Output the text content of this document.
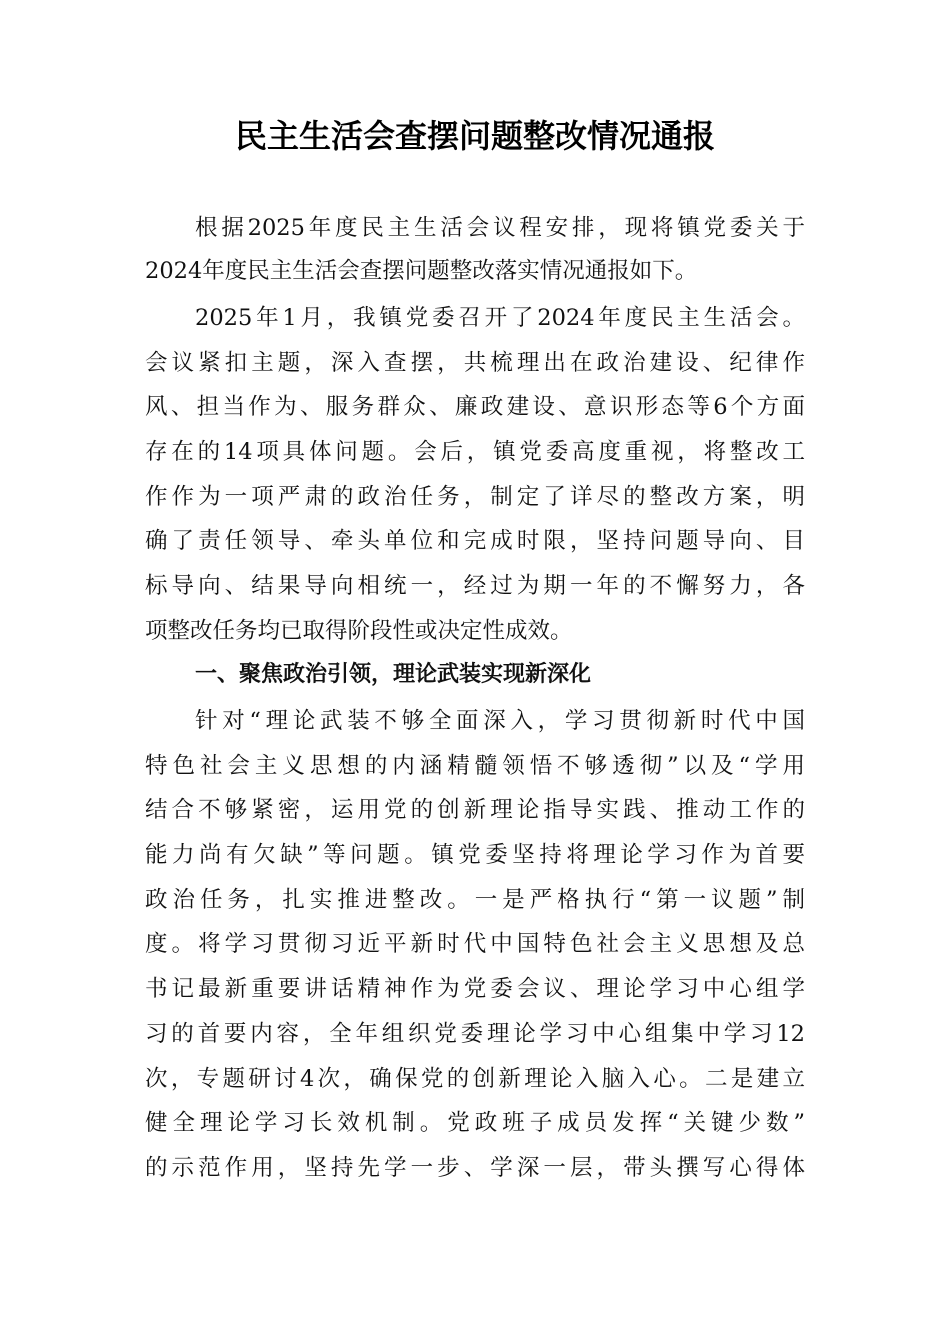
民主生活会查摆问题整改情况通报
根据2025年度民主生活会议程安排，现将镇党委关于
2024年度民主生活会查摆问题整改落实情况通报如下。
2025年1月，我镇党委召开了2024年度民主生活会。
会议紧扣主题，深入查摆，共梳理出在政治建设、纪律作
风、担当作为、服务群众、廉政建设、意识形态等6个方面
存在的14项具体问题。会后，镇党委高度重视，将整改工
作作为一项严肃的政治任务，制定了详尽的整改方案，明
确了责任领导、牵头单位和完成时限，坚持问题导向、目
标导向、结果导向相统一，经过为期一年的不懈努力，各
项整改任务均已取得阶段性或决定性成效。
一、聚焦政治引领，理论武装实现新深化
针对“理论武装不够全面深入，学习贯彻新时代中国
特色社会主义思想的内涵精髓领悟不够透彻”以及“学用
结合不够紧密，运用党的创新理论指导实践、推动工作的
能力尚有欠缺”等问题。镇党委坚持将理论学习作为首要
政治任务，扎实推进整改。一是严格执行“第一议题”制
度。将学习贯彻习近平新时代中国特色社会主义思想及总
书记最新重要讲话精神作为党委会议、理论学习中心组学
习的首要内容，全年组织党委理论学习中心组集中学习12
次，专题研讨4次，确保党的创新理论入脑入心。二是建立
健全理论学习长效机制。党政班子成员发挥“关键少数”
的示范作用，坚持先学一步、学深一层，带头撰写心得体
